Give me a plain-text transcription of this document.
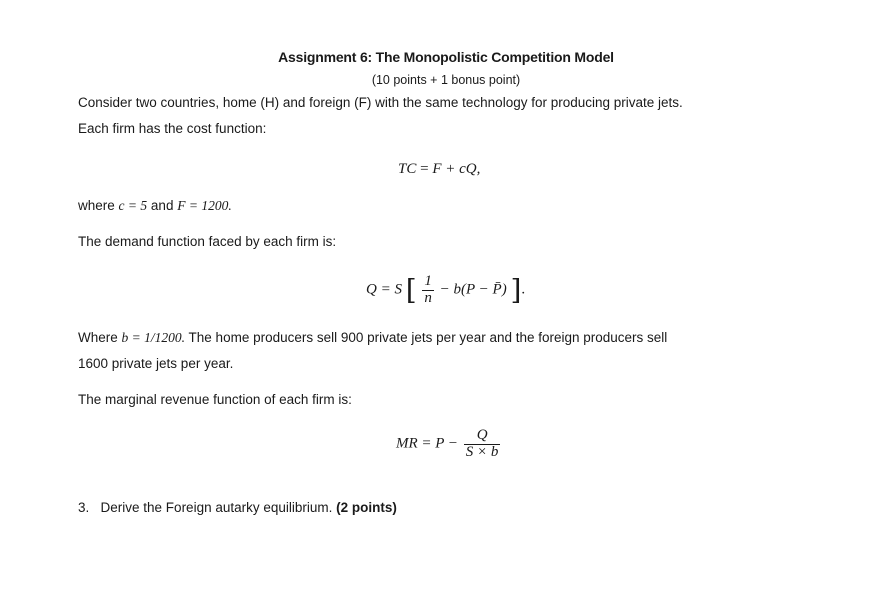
Assignment 6: The Monopolistic Competition Model
(10 points + 1 bonus point)
Consider two countries, home (H) and foreign (F) with the same technology for producing private jets.
Each firm has the cost function:
TC = F + cQ,
where c = 5 and F = 1200.
The demand function faced by each firm is:
Q = S [ $\frac{1}{n} - b(P$ − P̄) ].
Where b = 1/1200. The home producers sell 900 private jets per year and the foreign producers sell
1600 private jets per year.
The marginal revenue function of each firm is:
MR = $P - \frac{Q}{S \times b}$
3. Derive the Foreign autarky equilibrium. (2 points)
